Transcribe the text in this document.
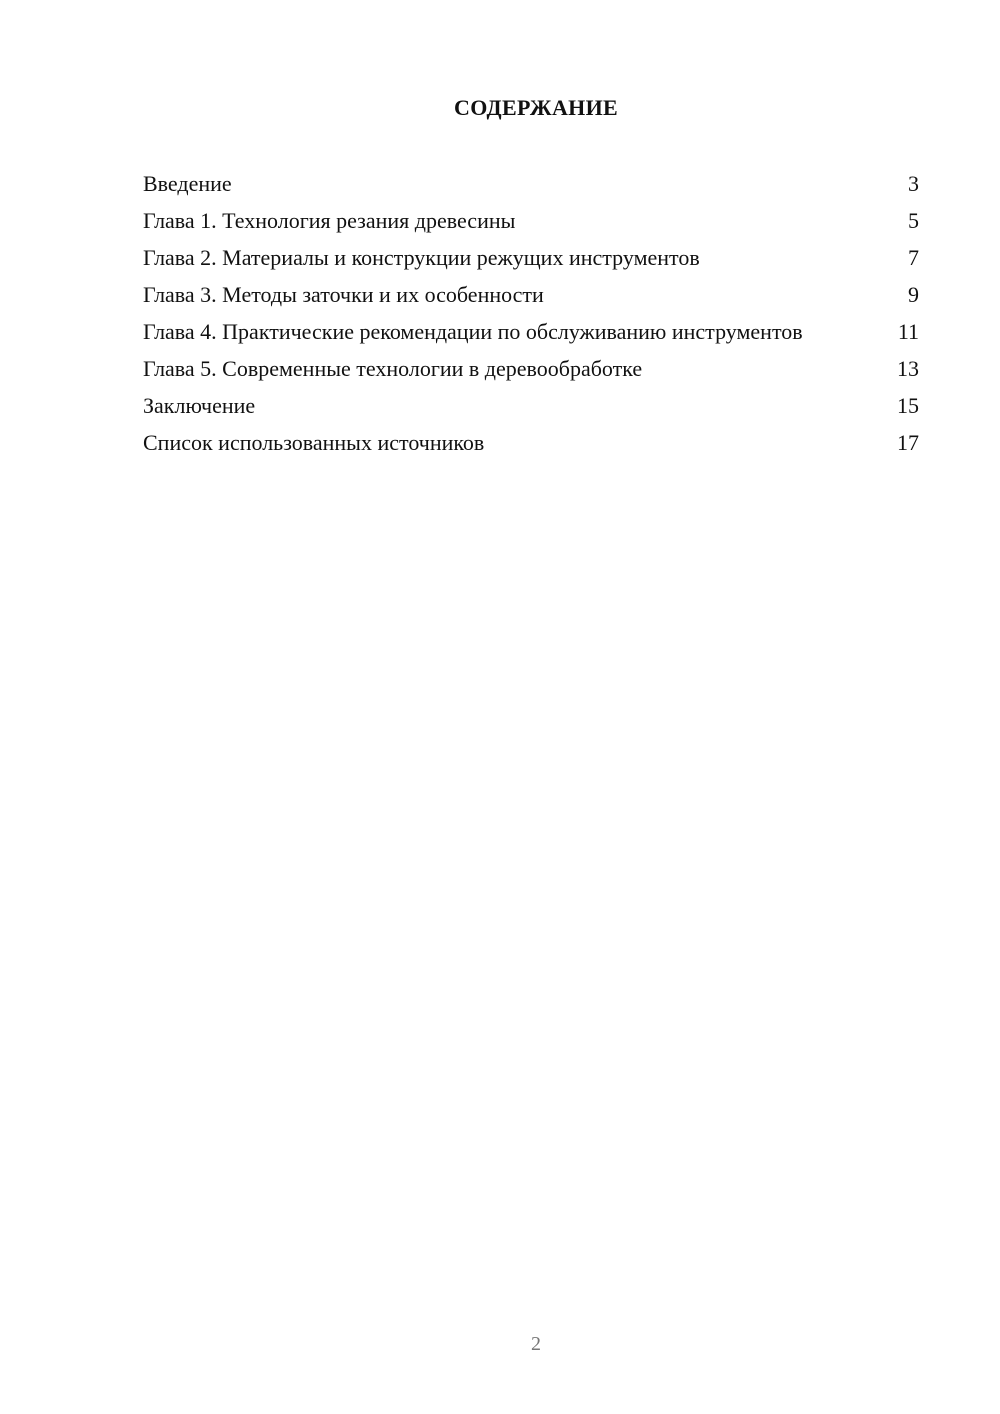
СОДЕРЖАНИЕ
Введение	3
Глава 1. Технология резания древесины	5
Глава 2. Материалы и конструкции режущих инструментов	7
Глава 3. Методы заточки и их особенности	9
Глава 4. Практические рекомендации по обслуживанию инструментов	11
Глава 5. Современные технологии в деревообработке	13
Заключение	15
Список использованных источников	17
2
